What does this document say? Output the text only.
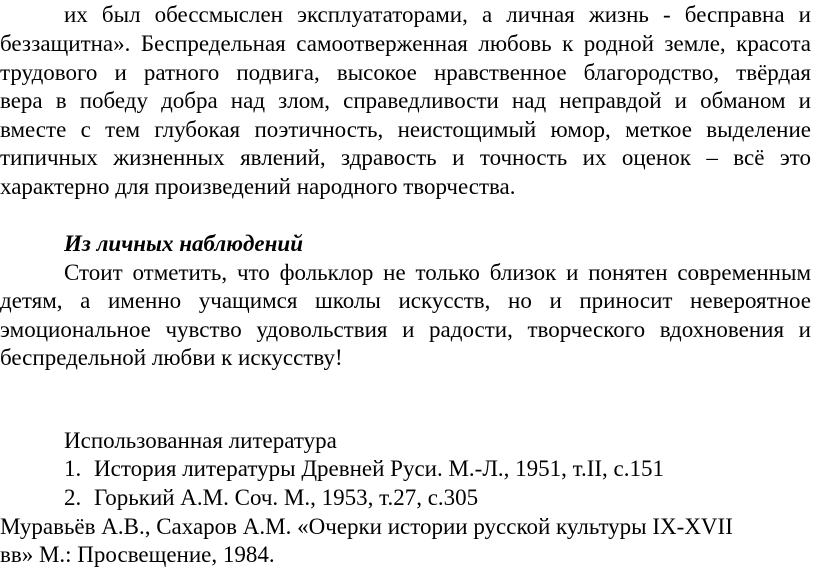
их был обессмыслен эксплуататорами, а личная жизнь - бесправна и
беззащитна». Беспредельная самоотверженная любовь к родной земле, красота
трудового и ратного подвига, высокое нравственное благородство, твёрдая
вера в победу добра над злом, справедливости над неправдой и обманом и
вместе с тем глубокая поэтичность, неистощимый юмор, меткое выделение
типичных жизненных явлений, здравость и точность их оценок – всё это
характерно для произведений народного творчества.
Из личных наблюдений
Стоит отметить, что фольклор не только близок и понятен современным
детям, а именно учащимся школы искусств, но и приносит невероятное
эмоциональное чувство удовольствия и радости, творческого вдохновения и
беспредельной любви к искусству!
Использованная литература
1. История литературы Древней Руси. М.-Л., 1951, т.II, с.151
2. Горький А.М. Соч. М., 1953, т.27, с.305
Муравьёв А.В., Сахаров А.М. «Очерки истории русской культуры IX-XVII
вв» М.: Просвещение, 1984.
